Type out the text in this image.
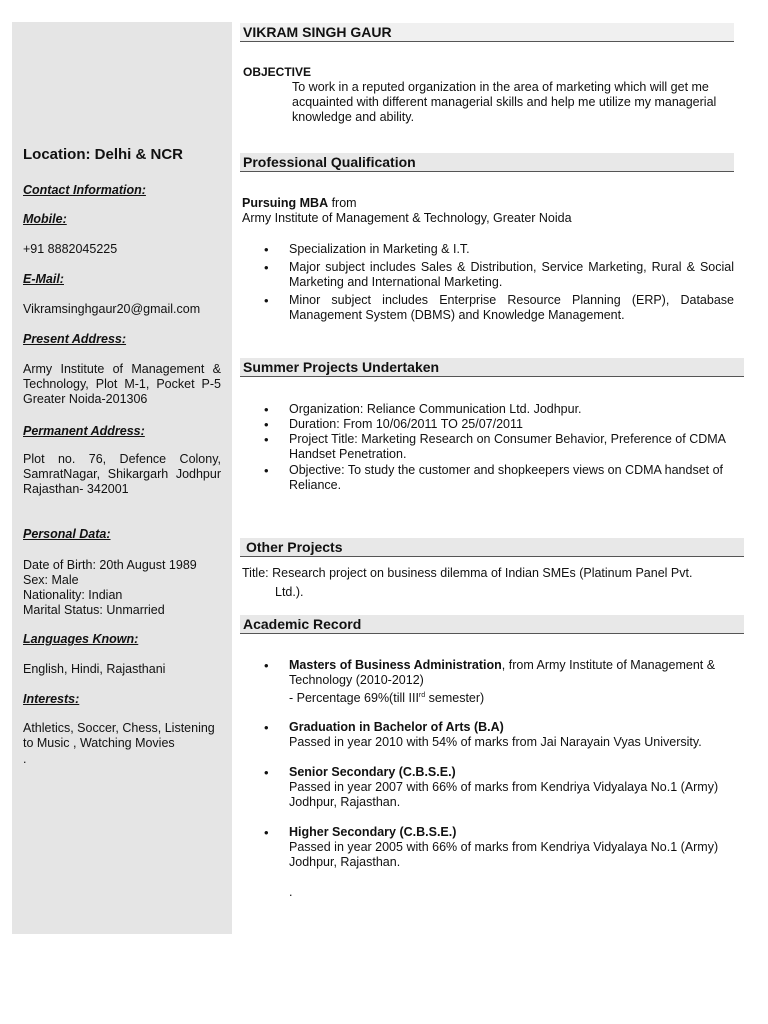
Location: Delhi & NCR
Contact Information:
Mobile:
+91 8882045225
E-Mail:
Vikramsinghgaur20@gmail.com
Present Address:
Army Institute of Management & Technology, Plot M-1, Pocket P-5 Greater Noida-201306
Permanent Address:
Plot no. 76, Defence Colony, SamratNagar, Shikargarh Jodhpur Rajasthan- 342001
Personal Data:
Date of Birth: 20th August 1989
Sex: Male
Nationality: Indian
Marital Status: Unmarried
Languages Known:
English, Hindi, Rajasthani
Interests:
Athletics, Soccer, Chess, Listening to Music , Watching Movies
.
VIKRAM SINGH GAUR
OBJECTIVE
To work in a reputed organization in the area of marketing which will get me acquainted with different managerial skills and help me utilize my managerial knowledge and ability.
Professional Qualification
Pursuing MBA from
Army Institute of Management & Technology, Greater Noida
• Specialization in Marketing & I.T.
• Major subject includes Sales & Distribution, Service Marketing, Rural & Social Marketing and International Marketing.
• Minor subject includes Enterprise Resource Planning (ERP), Database Management System (DBMS) and Knowledge Management.
Summer Projects Undertaken
• Organization: Reliance Communication Ltd. Jodhpur.
• Duration: From 10/06/2011 TO 25/07/2011
• Project Title: Marketing Research on Consumer Behavior, Preference of CDMA Handset Penetration.
• Objective: To study the customer and shopkeepers views on CDMA handset of Reliance.
Other Projects
Title: Research project on business dilemma of Indian SMEs (Platinum Panel Pvt.
Ltd.).
Academic Record
• Masters of Business Administration, from Army Institute of Management & Technology (2010-2012)
- Percentage 69%(till IIIrd semester)
• Graduation in Bachelor of Arts (B.A)
Passed in year 2010 with 54% of marks from Jai Narayain Vyas University.
• Senior Secondary (C.B.S.E.)
Passed in year 2007 with 66% of marks from Kendriya Vidyalaya No.1 (Army) Jodhpur, Rajasthan.
• Higher Secondary (C.B.S.E.)
Passed in year 2005 with 66% of marks from Kendriya Vidyalaya No.1 (Army) Jodhpur, Rajasthan.
.
